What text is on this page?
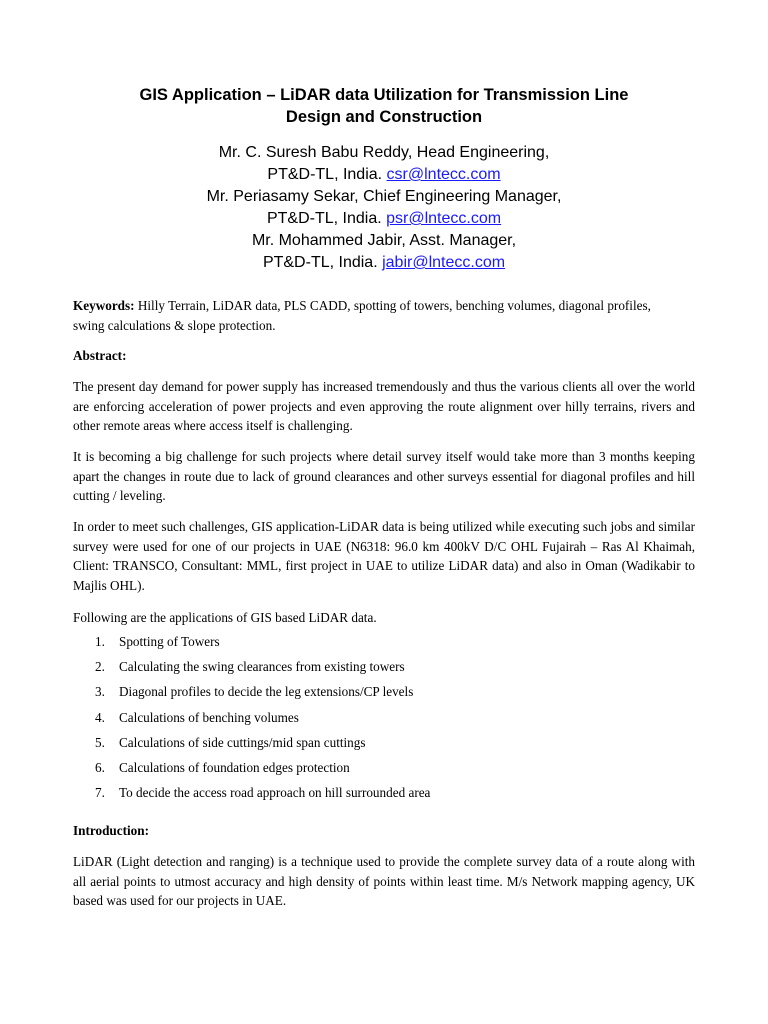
GIS Application – LiDAR data Utilization for Transmission Line
Design and Construction
Mr. C. Suresh Babu Reddy, Head Engineering,
PT&D-TL, India. csr@lntecc.com
Mr. Periasamy Sekar, Chief Engineering Manager,
PT&D-TL, India. psr@lntecc.com
Mr. Mohammed Jabir, Asst. Manager,
PT&D-TL, India. jabir@lntecc.com
Keywords: Hilly Terrain, LiDAR data, PLS CADD, spotting of towers, benching volumes, diagonal profiles, swing calculations & slope protection.
Abstract:
The present day demand for power supply has increased tremendously and thus the various clients all over the world are enforcing acceleration of power projects and even approving the route alignment over hilly terrains, rivers and other remote areas where access itself is challenging.
It is becoming a big challenge for such projects where detail survey itself would take more than 3 months keeping apart the changes in route due to lack of ground clearances and other surveys essential for diagonal profiles and hill cutting / leveling.
In order to meet such challenges, GIS application-LiDAR data is being utilized while executing such jobs and similar survey were used for one of our projects in UAE (N6318: 96.0 km 400kV D/C OHL Fujairah – Ras Al Khaimah, Client: TRANSCO, Consultant: MML, first project in UAE to utilize LiDAR data) and also in Oman (Wadikabir to Majlis OHL).
Following are the applications of GIS based LiDAR data.
1. Spotting of Towers
2. Calculating the swing clearances from existing towers
3. Diagonal profiles to decide the leg extensions/CP levels
4. Calculations of benching volumes
5. Calculations of side cuttings/mid span cuttings
6. Calculations of foundation edges protection
7. To decide the access road approach on hill surrounded area
Introduction:
LiDAR (Light detection and ranging) is a technique used to provide the complete survey data of a route along with all aerial points to utmost accuracy and high density of points within least time. M/s Network mapping agency, UK based was used for our projects in UAE.
